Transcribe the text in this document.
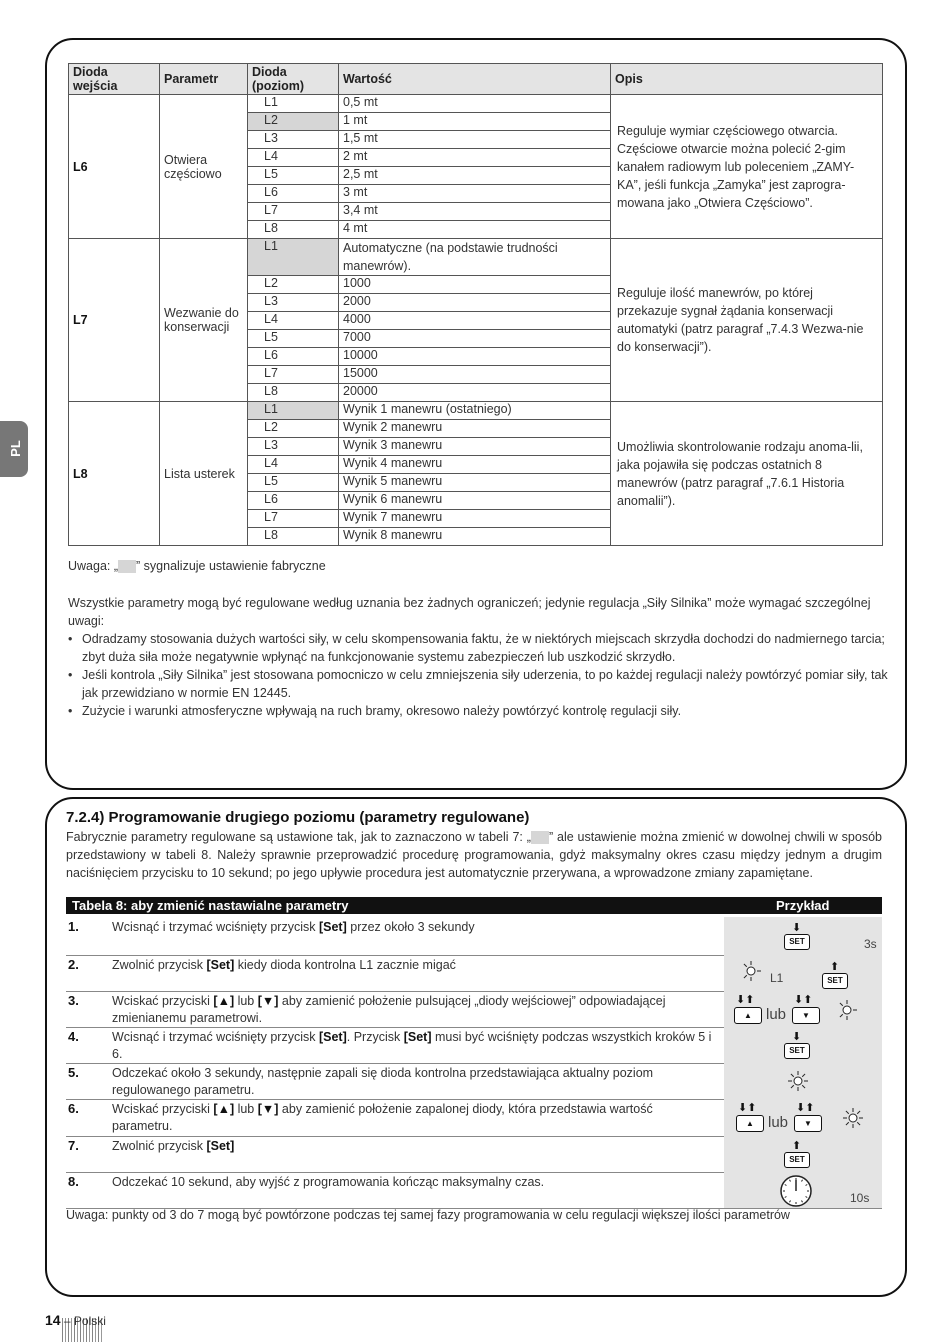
PL
Dioda wejścia	Parametr	Dioda (poziom)	Wartość	Opis
L6	Otwiera częściowo	L1	0,5 mt	Reguluje wymiar częściowego otwarcia. Częściowe otwarcie można polecić 2-gim kanałem radiowym lub poleceniem „ZAMY-KA”, jeśli funkcja „Zamyka” jest zaprogra-mowana jako „Otwiera Częściowo”.
		L2	1 mt	
		L3	1,5 mt	
		L4	2 mt	
		L5	2,5 mt	
		L6	3 mt	
		L7	3,4 mt	
		L8	4 mt	
L7	Wezwanie do konserwacji	L1	Automatyczne (na podstawie trudności manewrów).	Reguluje ilość manewrów, po której przekazuje sygnał żądania konserwacji automatyki (patrz paragraf „7.4.3 Wezwa-nie do konserwacji”).

		L2	1000	
		L3	2000	
		L4	4000	
		L5	7000	
		L6	10000	
		L7	15000	
		L8	20000	
L8	Lista usterek	L1	Wynik 1 manewru (ostatniego)	Umożliwia skontrolowanie rodzaju anoma-lii, jaka pojawiła się podczas ostatnich 8 manewrów (patrz paragraf „7.6.1 Historia anomalii”).
		L2	Wynik 2 manewru	
		L3	Wynik 3 manewru	
		L4	Wynik 4 manewru	
		L5	Wynik 5 manewru	
		L6	Wynik 6 manewru	
		L7	Wynik 7 manewru	
		L8	Wynik 8 manewru	
Uwaga: „ ” sygnalizuje ustawienie fabryczne
Wszystkie parametry mogą być regulowane według uznania bez żadnych ograniczeń; jedynie regulacja „Siły Silnika” może wymagać szczególnej uwagi:
• Odradzamy stosowania dużych wartości siły, w celu skompensowania faktu, że w niektórych miejscach skrzydła dochodzi do nadmiernego tarcia; zbyt duża siła może negatywnie wpłynąć na funkcjonowanie systemu zabezpieczeń lub uszkodzić skrzydło.
• Jeśli kontrola „Siły Silnika” jest stosowana pomocniczo w celu zmniejszenia siły uderzenia, to po każdej regulacji należy powtórzyć pomiar siły, tak jak przewidziano w normie EN 12445.
• Zużycie i warunki atmosferyczne wpływają na ruch bramy, okresowo należy powtórzyć kontrolę regulacji siły.
7.2.4) Programowanie drugiego poziomu (parametry regulowane)
Fabrycznie parametry regulowane są ustawione tak, jak to zaznaczono w tabeli 7: „ ” ale ustawienie można zmienić w dowolnej chwili w sposób przedstawiony w tabeli 8. Należy sprawnie przeprowadzić procedurę programowania, gdyż maksymalny okres czasu między jednym a drugim naciśnięciem przycisku to 10 sekund; po jego upływie procedura jest automatycznie przerywana, a wprowadzone zmiany zapamiętane.
Tabela 8: aby zmienić nastawialne parametry	Przykład
1.	Wcisnąć i trzymać wciśnięty przycisk [Set] przez około 3 sekundy	⬇
SET	3s
2.	Zwolnić przycisk [Set] kiedy dioda kontrolna L1 zacznie migać
L1
⬆
SET
3.	Wciskać przyciski [▲] lub [▼] aby zamienić położenie pulsującej „diody wejściowej” odpowiadającej zmienianemu parametrowi.
⬇⬆
▲ lub
⬇⬆
▼
4.	Wcisnąć i trzymać wciśnięty przycisk [Set]. Przycisk [Set] musi być wciśnięty podczas wszystkich kroków 5 i 6.
⬇
SET
5.	Odczekać około 3 sekundy, następnie zapali się dioda kontrolna przedstawiająca aktualny poziom regulowanego parametru.
6.	Wciskać przyciski [▲] lub [▼] aby zamienić położenie zapalonej diody, która przedstawia wartość parametru.
⬇⬆
▲ lub
⬇⬆
▼
7.	Zwolnić przycisk [Set]	⬆
SET
8.	Odczekać 10 sekund, aby wyjść z programowania kończąc maksymalny czas.
10s
Uwaga: punkty od 3 do 7 mogą być powtórzone podczas tej samej fazy programowania w celu regulacji większej ilości parametrów
14 – Polski
